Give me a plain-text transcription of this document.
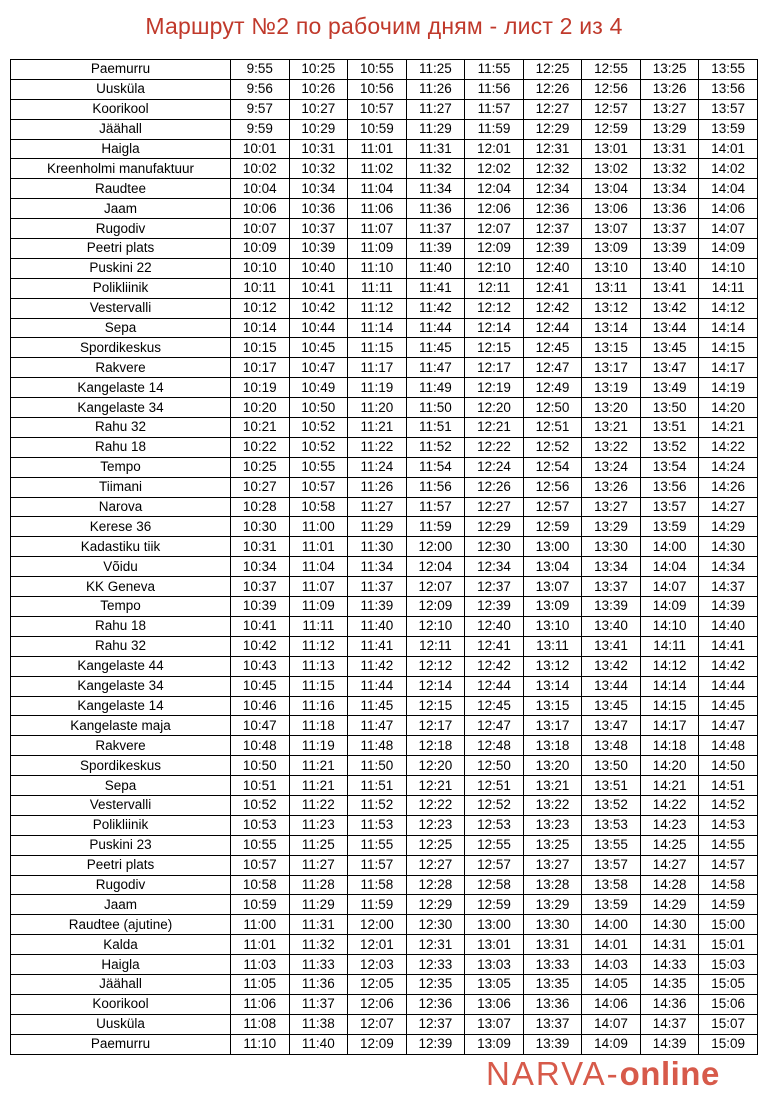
Маршрут №2 по рабочим дням - лист 2 из 4
Paemurru	9:55	10:25	10:55	11:25	11:55	12:25	12:55	13:25	13:55
Uusküla	9:56	10:26	10:56	11:26	11:56	12:26	12:56	13:26	13:56
Koorikool	9:57	10:27	10:57	11:27	11:57	12:27	12:57	13:27	13:57
Jäähall	9:59	10:29	10:59	11:29	11:59	12:29	12:59	13:29	13:59
Haigla	10:01	10:31	11:01	11:31	12:01	12:31	13:01	13:31	14:01
Kreenholmi manufaktuur	10:02	10:32	11:02	11:32	12:02	12:32	13:02	13:32	14:02
Raudtee	10:04	10:34	11:04	11:34	12:04	12:34	13:04	13:34	14:04
Jaam	10:06	10:36	11:06	11:36	12:06	12:36	13:06	13:36	14:06
Rugodiv	10:07	10:37	11:07	11:37	12:07	12:37	13:07	13:37	14:07
Peetri plats	10:09	10:39	11:09	11:39	12:09	12:39	13:09	13:39	14:09
Puskini 22	10:10	10:40	11:10	11:40	12:10	12:40	13:10	13:40	14:10
Polikliinik	10:11	10:41	11:11	11:41	12:11	12:41	13:11	13:41	14:11
Vestervalli	10:12	10:42	11:12	11:42	12:12	12:42	13:12	13:42	14:12
Sepa	10:14	10:44	11:14	11:44	12:14	12:44	13:14	13:44	14:14
Spordikeskus	10:15	10:45	11:15	11:45	12:15	12:45	13:15	13:45	14:15
Rakvere	10:17	10:47	11:17	11:47	12:17	12:47	13:17	13:47	14:17
Kangelaste 14	10:19	10:49	11:19	11:49	12:19	12:49	13:19	13:49	14:19
Kangelaste 34	10:20	10:50	11:20	11:50	12:20	12:50	13:20	13:50	14:20
Rahu 32	10:21	10:52	11:21	11:51	12:21	12:51	13:21	13:51	14:21
Rahu 18	10:22	10:52	11:22	11:52	12:22	12:52	13:22	13:52	14:22
Tempo	10:25	10:55	11:24	11:54	12:24	12:54	13:24	13:54	14:24
Tiimani	10:27	10:57	11:26	11:56	12:26	12:56	13:26	13:56	14:26
Narova	10:28	10:58	11:27	11:57	12:27	12:57	13:27	13:57	14:27
Kerese 36	10:30	11:00	11:29	11:59	12:29	12:59	13:29	13:59	14:29
Kadastiku tiik	10:31	11:01	11:30	12:00	12:30	13:00	13:30	14:00	14:30
Võidu	10:34	11:04	11:34	12:04	12:34	13:04	13:34	14:04	14:34
KK Geneva	10:37	11:07	11:37	12:07	12:37	13:07	13:37	14:07	14:37
Tempo	10:39	11:09	11:39	12:09	12:39	13:09	13:39	14:09	14:39
Rahu 18	10:41	11:11	11:40	12:10	12:40	13:10	13:40	14:10	14:40
Rahu 32	10:42	11:12	11:41	12:11	12:41	13:11	13:41	14:11	14:41
Kangelaste 44	10:43	11:13	11:42	12:12	12:42	13:12	13:42	14:12	14:42
Kangelaste 34	10:45	11:15	11:44	12:14	12:44	13:14	13:44	14:14	14:44
Kangelaste 14	10:46	11:16	11:45	12:15	12:45	13:15	13:45	14:15	14:45
Kangelaste maja	10:47	11:18	11:47	12:17	12:47	13:17	13:47	14:17	14:47
Rakvere	10:48	11:19	11:48	12:18	12:48	13:18	13:48	14:18	14:48
Spordikeskus	10:50	11:21	11:50	12:20	12:50	13:20	13:50	14:20	14:50
Sepa	10:51	11:21	11:51	12:21	12:51	13:21	13:51	14:21	14:51
Vestervalli	10:52	11:22	11:52	12:22	12:52	13:22	13:52	14:22	14:52
Polikliinik	10:53	11:23	11:53	12:23	12:53	13:23	13:53	14:23	14:53
Puskini 23	10:55	11:25	11:55	12:25	12:55	13:25	13:55	14:25	14:55
Peetri plats	10:57	11:27	11:57	12:27	12:57	13:27	13:57	14:27	14:57
Rugodiv	10:58	11:28	11:58	12:28	12:58	13:28	13:58	14:28	14:58
Jaam	10:59	11:29	11:59	12:29	12:59	13:29	13:59	14:29	14:59
Raudtee (ajutine)	11:00	11:31	12:00	12:30	13:00	13:30	14:00	14:30	15:00
Kalda	11:01	11:32	12:01	12:31	13:01	13:31	14:01	14:31	15:01
Haigla	11:03	11:33	12:03	12:33	13:03	13:33	14:03	14:33	15:03
Jäähall	11:05	11:36	12:05	12:35	13:05	13:35	14:05	14:35	15:05
Koorikool	11:06	11:37	12:06	12:36	13:06	13:36	14:06	14:36	15:06
Uusküla	11:08	11:38	12:07	12:37	13:07	13:37	14:07	14:37	15:07
Paemurru	11:10	11:40	12:09	12:39	13:09	13:39	14:09	14:39	15:09
NARVA-online
